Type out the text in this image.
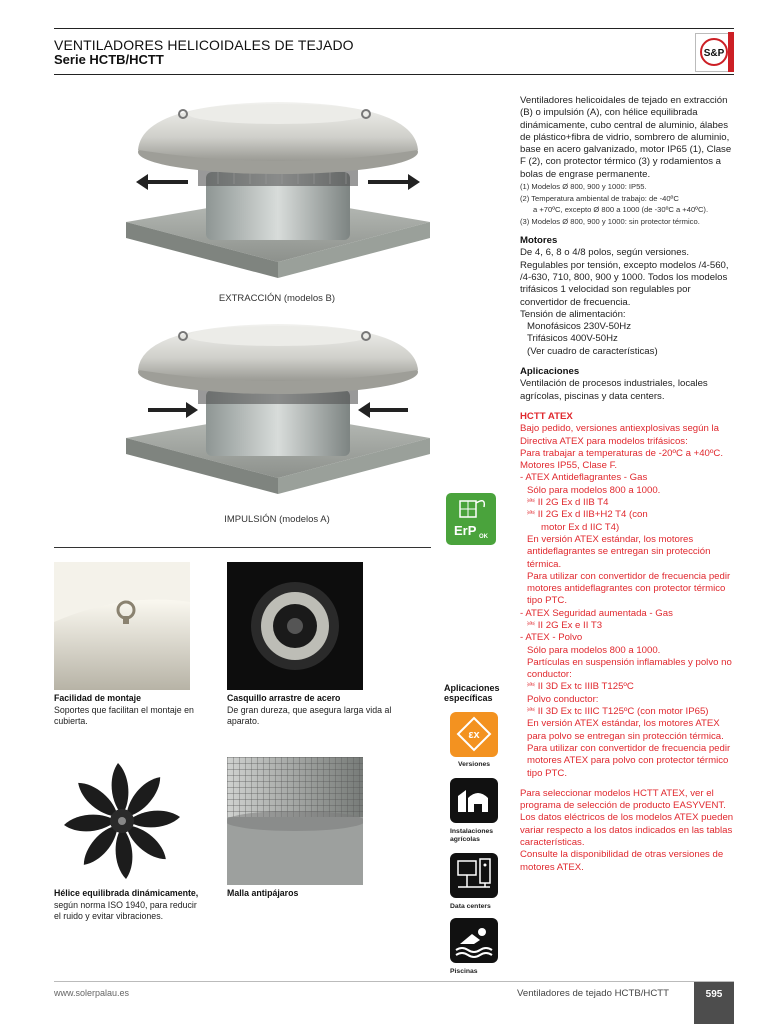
VENTILADORES HELICOIDALES DE TEJADO
Serie HCTB/HCTT	S&P
EXTRACCIÓN (modelos B)
IMPULSIÓN (modelos A)
ErP OK

Ventiladores helicoidales de tejado en extracción (B) o impulsión (A), con hélice equilibrada dinámicamente, cubo central de aluminio, álabes de plástico+fibra de vidrio, sombrero de aluminio, base en acero galvanizado, motor IP65 (1), Clase F (2), con protector térmico (3) y rodamientos a bolas de engrase permanente.

(1) Modelos Ø 800, 900 y 1000: IP55.

(2) Temperatura ambiental de trabajo: de -40ºC

a +70ºC, excepto Ø 800 a 1000 (de -30ºC a +40ºC).

(3) Modelos Ø 800, 900 y 1000: sin protector térmico.

Motores

De 4, 6, 8 o 4/8 polos, según versiones. Regulables por tensión, excepto modelos /4-560, /4-630, 710, 800, 900 y 1000. Todos los modelos trifásicos 1 velocidad son regulables por convertidor de frecuencia.

Tensión de alimentación:

Monofásicos 230V-50Hz

Trifásicos 400V-50Hz

(Ver cuadro de características)

Aplicaciones

Ventilación de procesos industriales, locales agrícolas, piscinas y data centers.

HCTT ATEX

Bajo pedido, versiones antiexplosivas según la Directiva ATEX para modelos trifásicos:

Para trabajar a temperaturas de -20ºC a +40ºC.

Motores IP55, Clase F.

- ATEX Antideflagrantes - Gas

Sólo para modelos 800 a 1000.

⎃ II 2G Ex d IIB T4

⎃ II 2G Ex d IIB+H2 T4 (con

motor Ex d IIC T4)

En versión ATEX estándar, los motores antideflagrantes se entregan sin protección térmica.

Para utilizar con convertidor de frecuencia pedir motores antideflagrantes con protector térmico tipo PTC.

- ATEX Seguridad aumentada - Gas

⎃ II 2G Ex e II T3

- ATEX - Polvo

Sólo para modelos 800 a 1000.

Partículas en suspensión inflamables y polvo no conductor:

⎃ II 3D Ex tc IIIB T125ºC

Polvo conductor:

⎃ II 3D Ex tc IIIC T125ºC (con motor IP65)

En versión ATEX estándar, los motores ATEX para polvo se entregan sin protección térmica.

Para utilizar con convertidor de frecuencia pedir motores ATEX para polvo con protector térmico tipo PTC.

Para seleccionar modelos HCTT ATEX, ver el programa de selección de producto EASYVENT.

Los datos eléctricos de los modelos ATEX pueden variar respecto a los datos indicados en las tablas características.

Consulte la disponibilidad de otras versiones de motores ATEX.

Facilidad de montaje
Soportes que facilitan el montaje en cubierta.
Casquillo arrastre de acero
De gran dureza, que asegura larga vida al aparato.
Hélice equilibrada dinámicamente, según norma ISO 1940, para reducir el ruido y evitar vibraciones.
Malla antipájaros
Aplicaciones
específicas
εx
Versiones
Instalaciones agrícolas
Data centers
Piscinas
www.solerpalau.es	Ventiladores de tejado HCTB/HCTT	595
